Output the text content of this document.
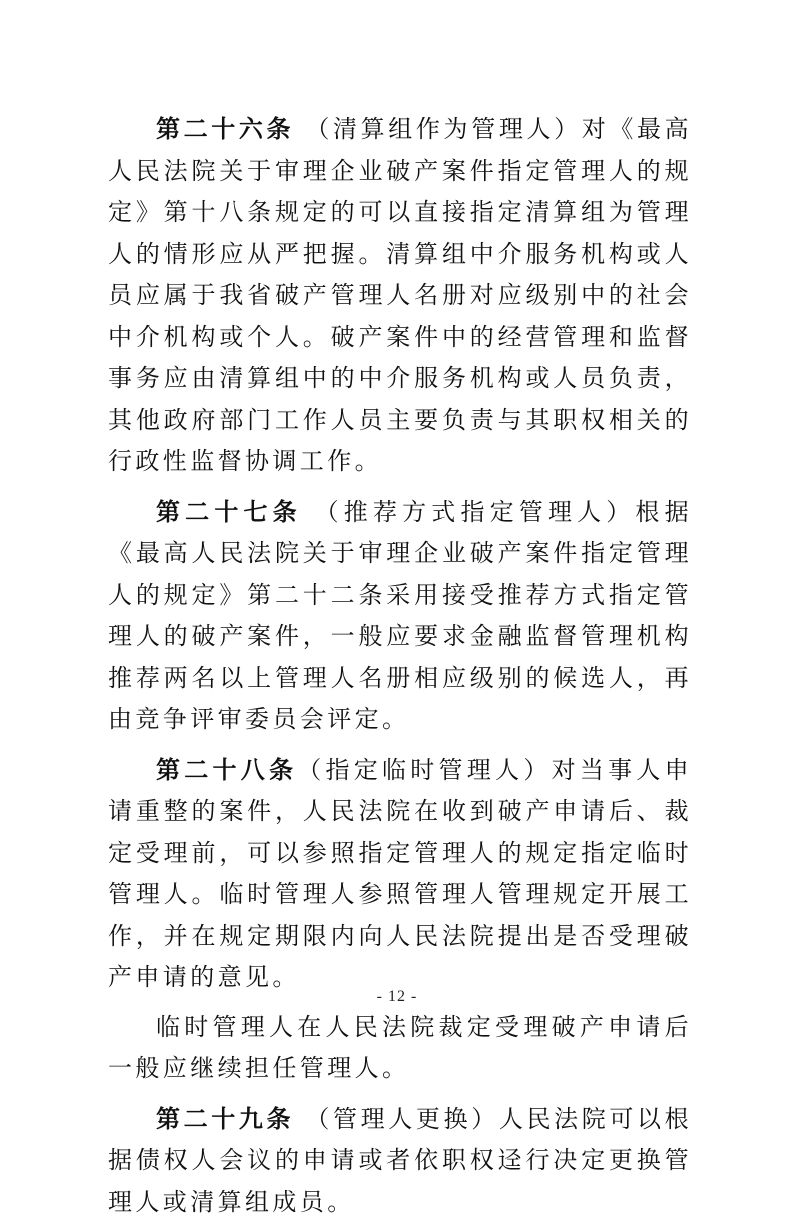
第二十六条 （清算组作为管理人）对《最高人民法院关于审理企业破产案件指定管理人的规定》第十八条规定的可以直接指定清算组为管理人的情形应从严把握。清算组中介服务机构或人员应属于我省破产管理人名册对应级别中的社会中介机构或个人。破产案件中的经营管理和监督事务应由清算组中的中介服务机构或人员负责，其他政府部门工作人员主要负责与其职权相关的行政性监督协调工作。

第二十七条 （推荐方式指定管理人）根据《最高人民法院关于审理企业破产案件指定管理人的规定》第二十二条采用接受推荐方式指定管理人的破产案件，一般应要求金融监督管理机构推荐两名以上管理人名册相应级别的候选人，再由竞争评审委员会评定。

第二十八条（指定临时管理人）对当事人申请重整的案件，人民法院在收到破产申请后、裁定受理前，可以参照指定管理人的规定指定临时管理人。临时管理人参照管理人管理规定开展工作，并在规定期限内向人民法院提出是否受理破产申请的意见。

临时管理人在人民法院裁定受理破产申请后一般应继续担任管理人。

第二十九条 （管理人更换）人民法院可以根据债权人会议的申请或者依职权迳行决定更换管理人或清算组成员。

- 12 -
